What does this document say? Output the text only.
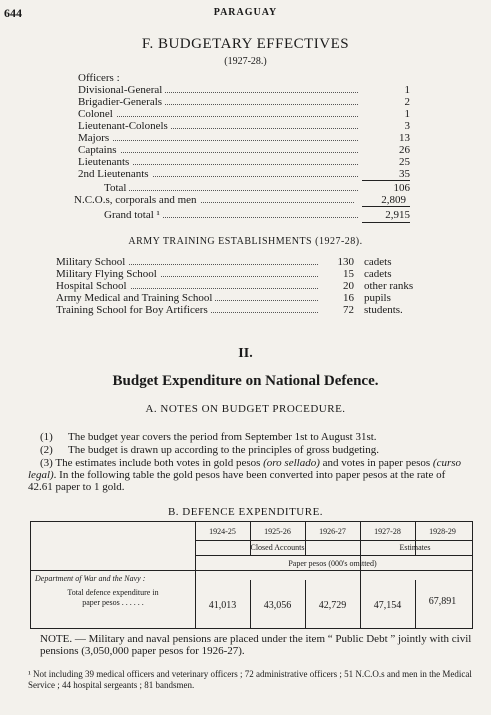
644	PARAGUAY
F. BUDGETARY EFFECTIVES
(1927-28.)
Officers :
Divisional-General	1
Brigadier-Generals	2
Colonel	1
Lieutenant-Colonels	3
Majors	13
Captains	26
Lieutenants	25
2nd Lieutenants	35
Total	106
N.C.O.s, corporals and men	2,809
Grand total ¹	2,915
ARMY TRAINING ESTABLISHMENTS (1927-28).
Military School	130 cadets
Military Flying School	15 cadets
Hospital School	20 other ranks
Army Medical and Training School	16 pupils
Training School for Boy Artificers	72 students.
II.
Budget Expenditure on National Defence.
A. NOTES ON BUDGET PROCEDURE.
(1) The budget year covers the period from September 1st to August 31st.
(2) The budget is drawn up according to the principles of gross budgeting.
(3) The estimates include both votes in gold pesos (oro sellado) and votes in paper pesos (curso legal). In the following table the gold pesos have been converted into paper pesos at the rate of 42.61 paper to 1 gold.
B. DEFENCE EXPENDITURE.
1924-25	1925-26	1926-27	1927-28	1928-29
Closed Accounts	Estimates
Paper pesos (000's omitted)
Department of War and the Navy :
Total defence expenditure in
paper pesos . . . . . .	41,013	43,056	42,729	47,154	67,891
NOTE. — Military and naval pensions are placed under the item “ Public Debt ” jointly with civil pensions (3,050,000 paper pesos for 1926-27).
¹ Not including 39 medical officers and veterinary officers ; 72 administrative officers ; 51 N.C.O.s and men in the Medical Service ; 44 hospital sergeants ; 81 bandsmen.
